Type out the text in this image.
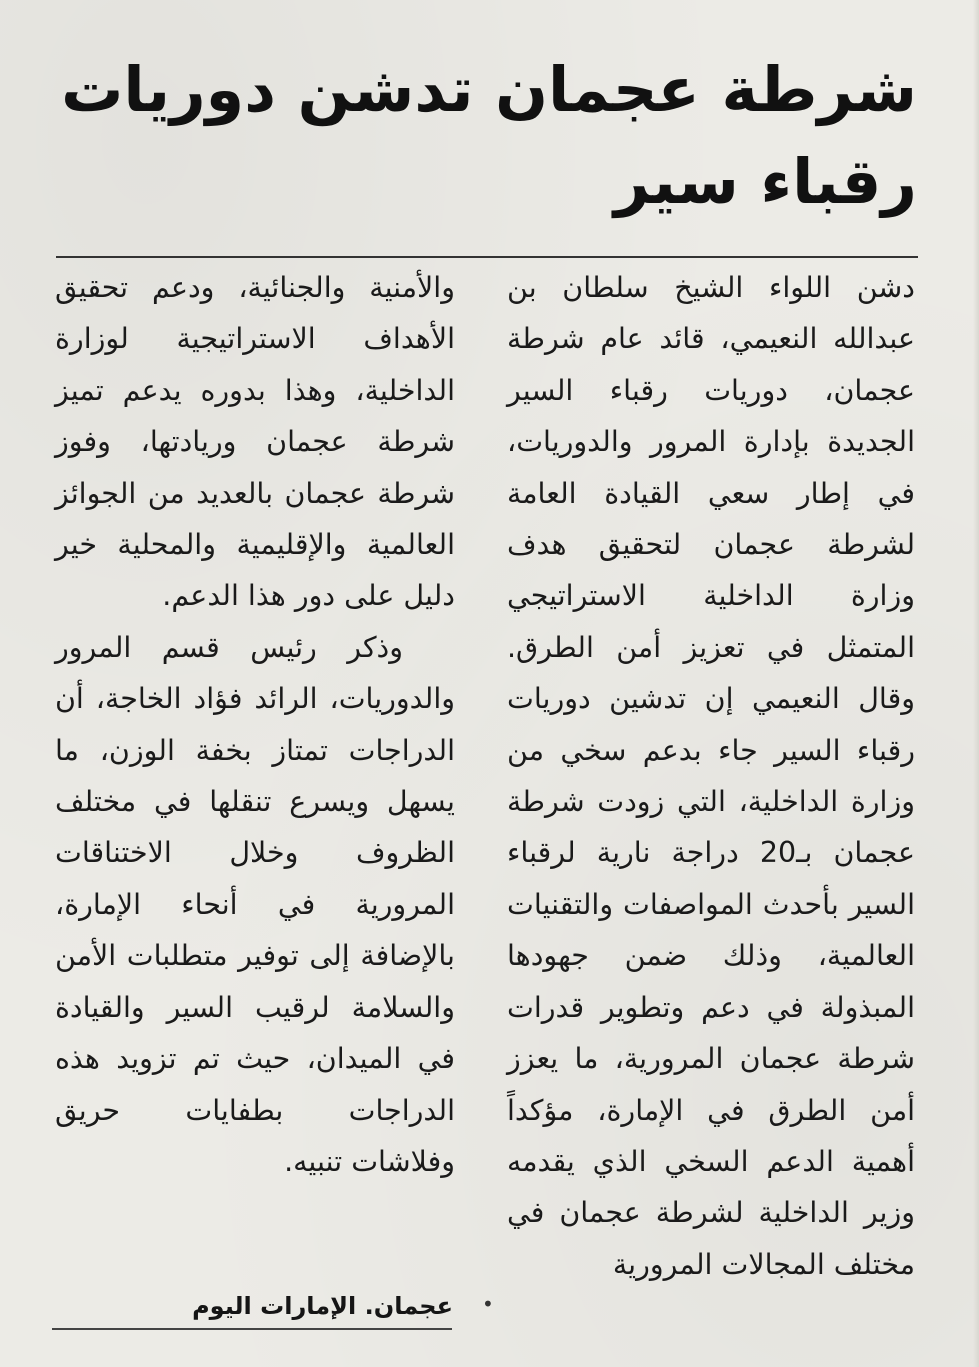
شرطة عجمان تدشن دوريات رقباء سير

دشن اللواء الشيخ سلطان بن عبدالله النعيمي، قائد عام شرطة عجمان، دوريات رقباء السير الجديدة بإدارة المرور والدوريات، في إطار سعي القيادة العامة لشرطة عجمان لتحقيق هدف وزارة الداخلية الاستراتيجي المتمثل في تعزيز أمن الطرق. وقال النعيمي إن تدشين دوريات رقباء السير جاء بدعم سخي من وزارة الداخلية، التي زودت شرطة عجمان بـ20 دراجة نارية لرقباء السير بأحدث المواصفات والتقنيات العالمية، وذلك ضمن جهودها المبذولة في دعم وتطوير قدرات شرطة عجمان المرورية، ما يعزز أمن الطرق في الإمارة، مؤكداً أهمية الدعم السخي الذي يقدمه وزير الداخلية لشرطة عجمان في مختلف المجالات المرورية

والأمنية والجنائية، ودعم تحقيق الأهداف الاستراتيجية لوزارة الداخلية، وهذا بدوره يدعم تميز شرطة عجمان وريادتها، وفوز شرطة عجمان بالعديد من الجوائز العالمية والإقليمية والمحلية خير دليل على دور هذا الدعم.

وذكر رئيس قسم المرور والدوريات، الرائد فؤاد الخاجة، أن الدراجات تمتاز بخفة الوزن، ما يسهل ويسرع تنقلها في مختلف الظروف وخلال الاختناقات المرورية في أنحاء الإمارة، بالإضافة إلى توفير متطلبات الأمن والسلامة لرقيب السير والقيادة في الميدان، حيث تم تزويد هذه الدراجات بطفايات حريق وفلاشات تنبيه.

عجمان. الإمارات اليوم •
